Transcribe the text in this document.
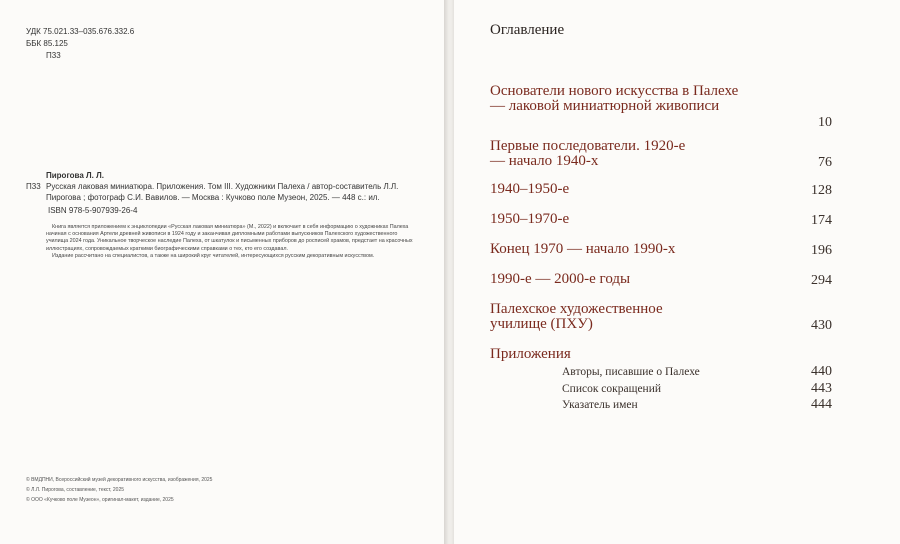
УДК 75.021.33–035.676.332.6
ББК 85.125
П33
Пирогова Л. Л.
П33 Русская лаковая миниатюра. Приложения. Том III. Художники Палеха / автор-составитель Л.Л. Пирогова ; фотограф С.И. Вавилов. — Москва : Кучково поле Музеон, 2025. — 448 с.: ил.
ISBN 978-5-907939-26-4

Книга является приложением к энциклопедии «Русская лаковая миниатюра» (М., 2022) и включает в себя информацию о художниках Палеха начиная с основания Артели древней живописи в 1924 году и заканчивая дипломными работами выпускников Палехского художественного училища 2024 года. Уникальное творческое наследие Палеха, от шкатулок и письменных приборов до росписей храмов, предстает на красочных иллюстрациях, сопровождаемых краткими биографическими справками о тех, кто его создавал.

Издание рассчитано на специалистов, а также на широкий круг читателей, интересующихся русским декоративным искусством.

© ВМДПНИ, Всероссийский музей декоративного искусства, изображения, 2025
© Л.Л. Пирогова, составление, текст, 2025
© ООО «Кучково поле Музеон», оригинал-макет, издание, 2025
Оглавление
Основатели нового искусства в Палехе — лаковой миниатюрной живописи
10
Первые последователи. 1920-е — начало 1940-х	76
1940–1950-е	128
1950–1970-е	174
Конец 1970 — начало 1990-х	196
1990-е — 2000-е годы	294
Палехское художественное училище (ПХУ)	430
Приложения
Авторы, писавшие о Палехе	440
Список сокращений	443
Указатель имен	444
